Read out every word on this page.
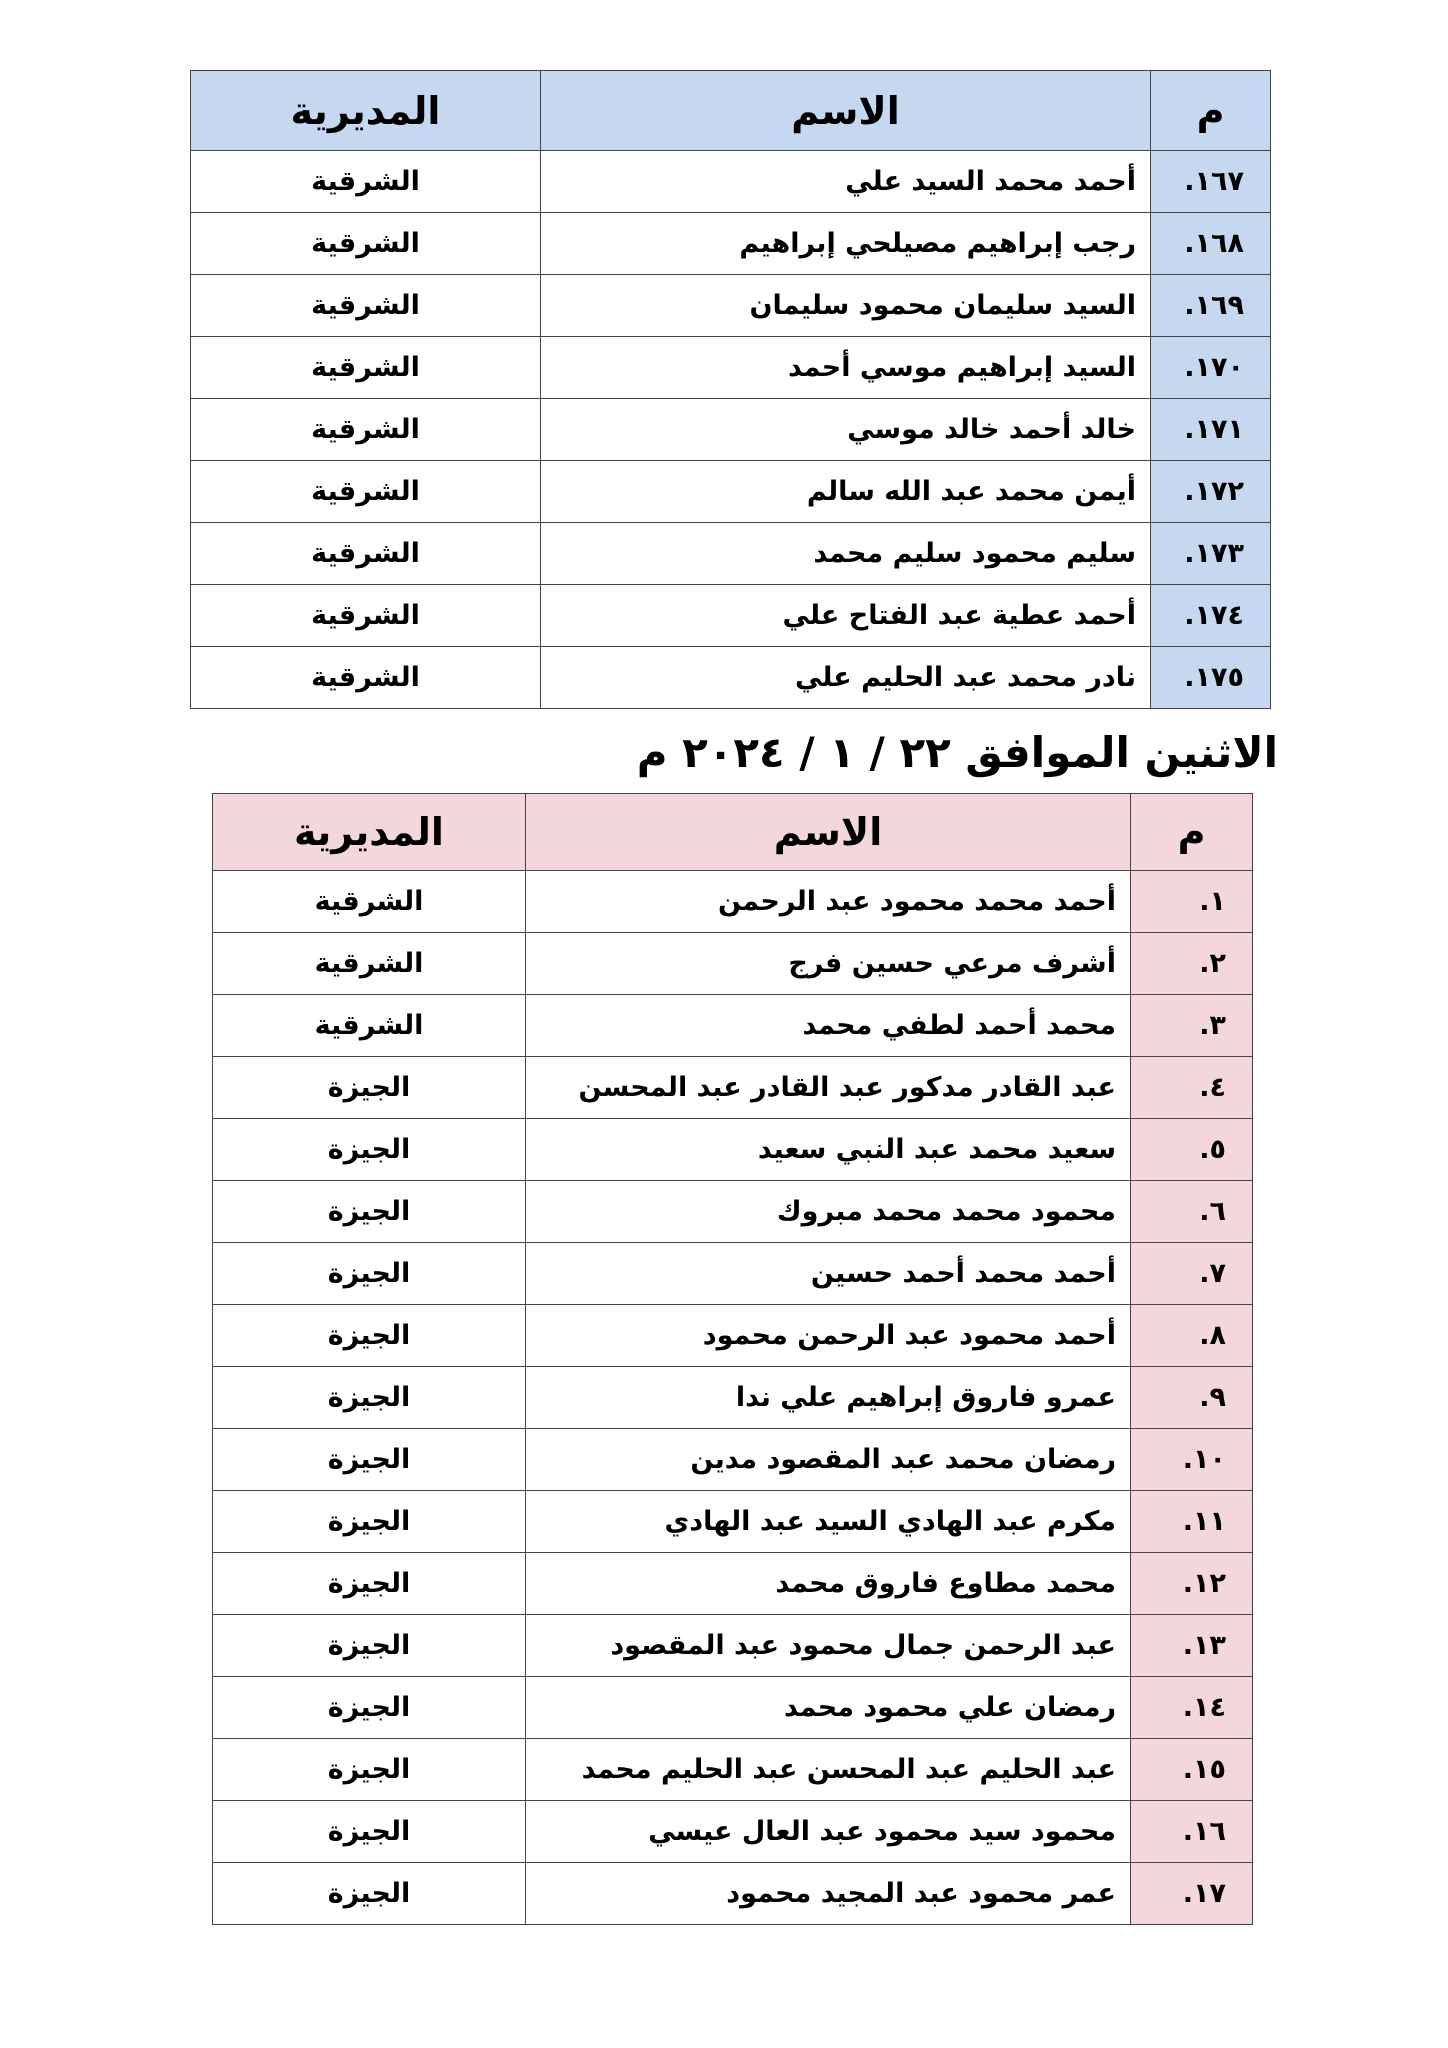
م	الاسم	المديرية
١٦٧.	أحمد محمد السيد علي	الشرقية
١٦٨.	رجب إبراهيم مصيلحي إبراهيم	الشرقية
١٦٩.	السيد سليمان محمود سليمان	الشرقية
١٧٠.	السيد إبراهيم موسي أحمد	الشرقية
١٧١.	خالد أحمد خالد موسي	الشرقية
١٧٢.	أيمن محمد عبد الله سالم	الشرقية
١٧٣.	سليم محمود سليم محمد	الشرقية
١٧٤.	أحمد عطية عبد الفتاح علي	الشرقية
١٧٥.	نادر محمد عبد الحليم علي	الشرقية
الاثنين الموافق ٢٢ / ١ / ٢٠٢٤ م
م	الاسم	المديرية
١.	أحمد محمد محمود عبد الرحمن	الشرقية
٢.	أشرف مرعي حسين فرج	الشرقية
٣.	محمد أحمد لطفي محمد	الشرقية
٤.	عبد القادر مدكور عبد القادر عبد المحسن	الجيزة
٥.	سعيد محمد عبد النبي سعيد	الجيزة
٦.	محمود محمد محمد مبروك	الجيزة
٧.	أحمد محمد أحمد حسين	الجيزة
٨.	أحمد محمود عبد الرحمن محمود	الجيزة
٩.	عمرو فاروق إبراهيم علي ندا	الجيزة
١٠.	رمضان محمد عبد المقصود مدين	الجيزة
١١.	مكرم عبد الهادي السيد عبد الهادي	الجيزة
١٢.	محمد مطاوع فاروق محمد	الجيزة
١٣.	عبد الرحمن جمال محمود عبد المقصود	الجيزة
١٤.	رمضان علي محمود محمد	الجيزة
١٥.	عبد الحليم عبد المحسن عبد الحليم محمد	الجيزة
١٦.	محمود سيد محمود عبد العال عيسي	الجيزة
١٧.	عمر محمود عبد المجيد محمود	الجيزة
